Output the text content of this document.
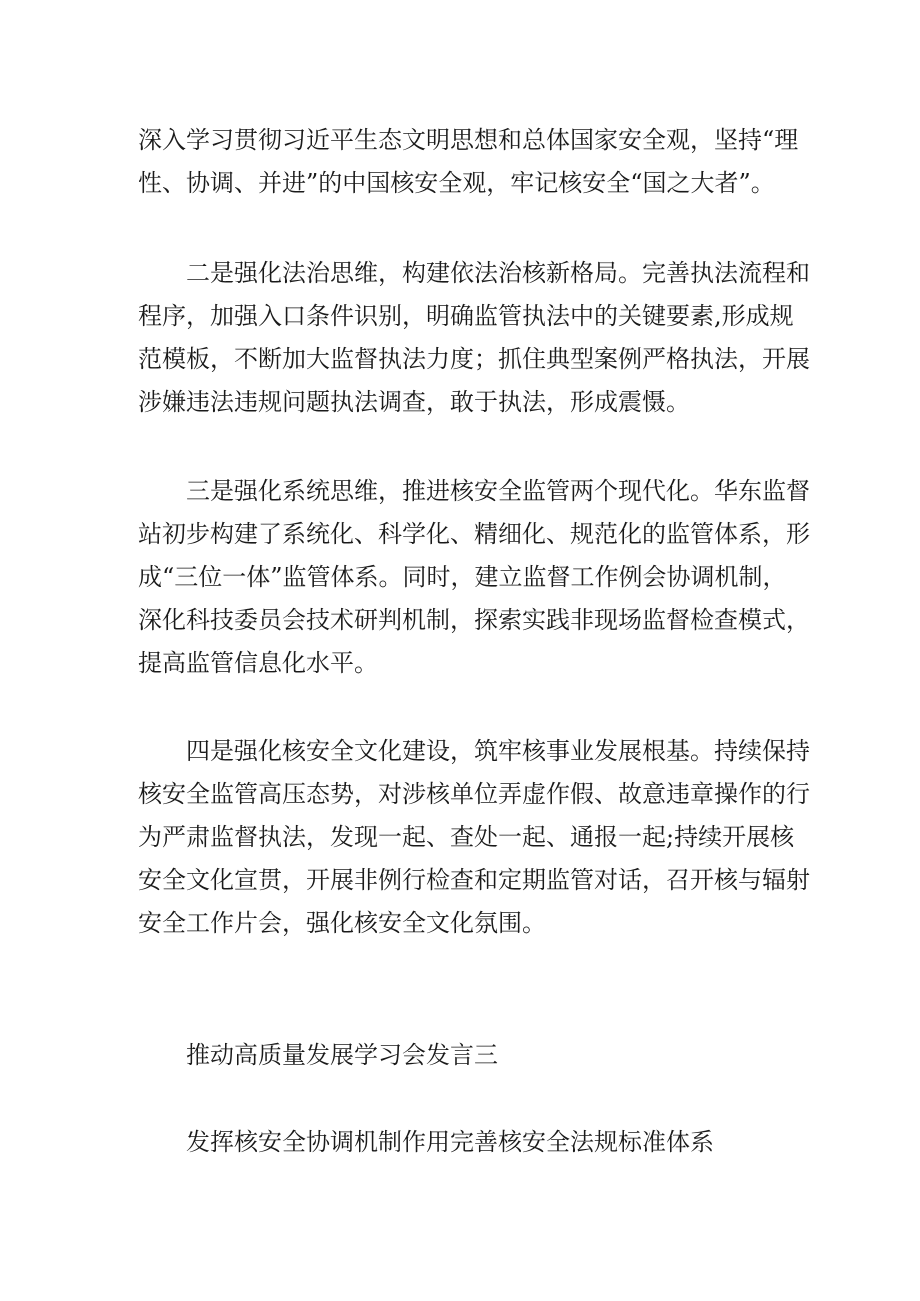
深入学习贯彻习近平生态文明思想和总体国家安全观，坚持“理
性、协调、并进”的中国核安全观，牢记核安全“国之大者”。

二是强化法治思维，构建依法治核新格局。完善执法流程和
程序，加强入口条件识别，明确监管执法中的关键要素,形成规
范模板，不断加大监督执法力度；抓住典型案例严格执法，开展
涉嫌违法违规问题执法调查，敢于执法，形成震慑。

三是强化系统思维，推进核安全监管两个现代化。华东监督
站初步构建了系统化、科学化、精细化、规范化的监管体系，形
成“三位一体”监管体系。同时，建立监督工作例会协调机制，
深化科技委员会技术研判机制，探索实践非现场监督检查模式，
提高监管信息化水平。

四是强化核安全文化建设，筑牢核事业发展根基。持续保持
核安全监管高压态势，对涉核单位弄虚作假、故意违章操作的行
为严肃监督执法，发现一起、查处一起、通报一起;持续开展核
安全文化宣贯，开展非例行检查和定期监管对话，召开核与辐射
安全工作片会，强化核安全文化氛围。

推动高质量发展学习会发言三

发挥核安全协调机制作用完善核安全法规标准体系
